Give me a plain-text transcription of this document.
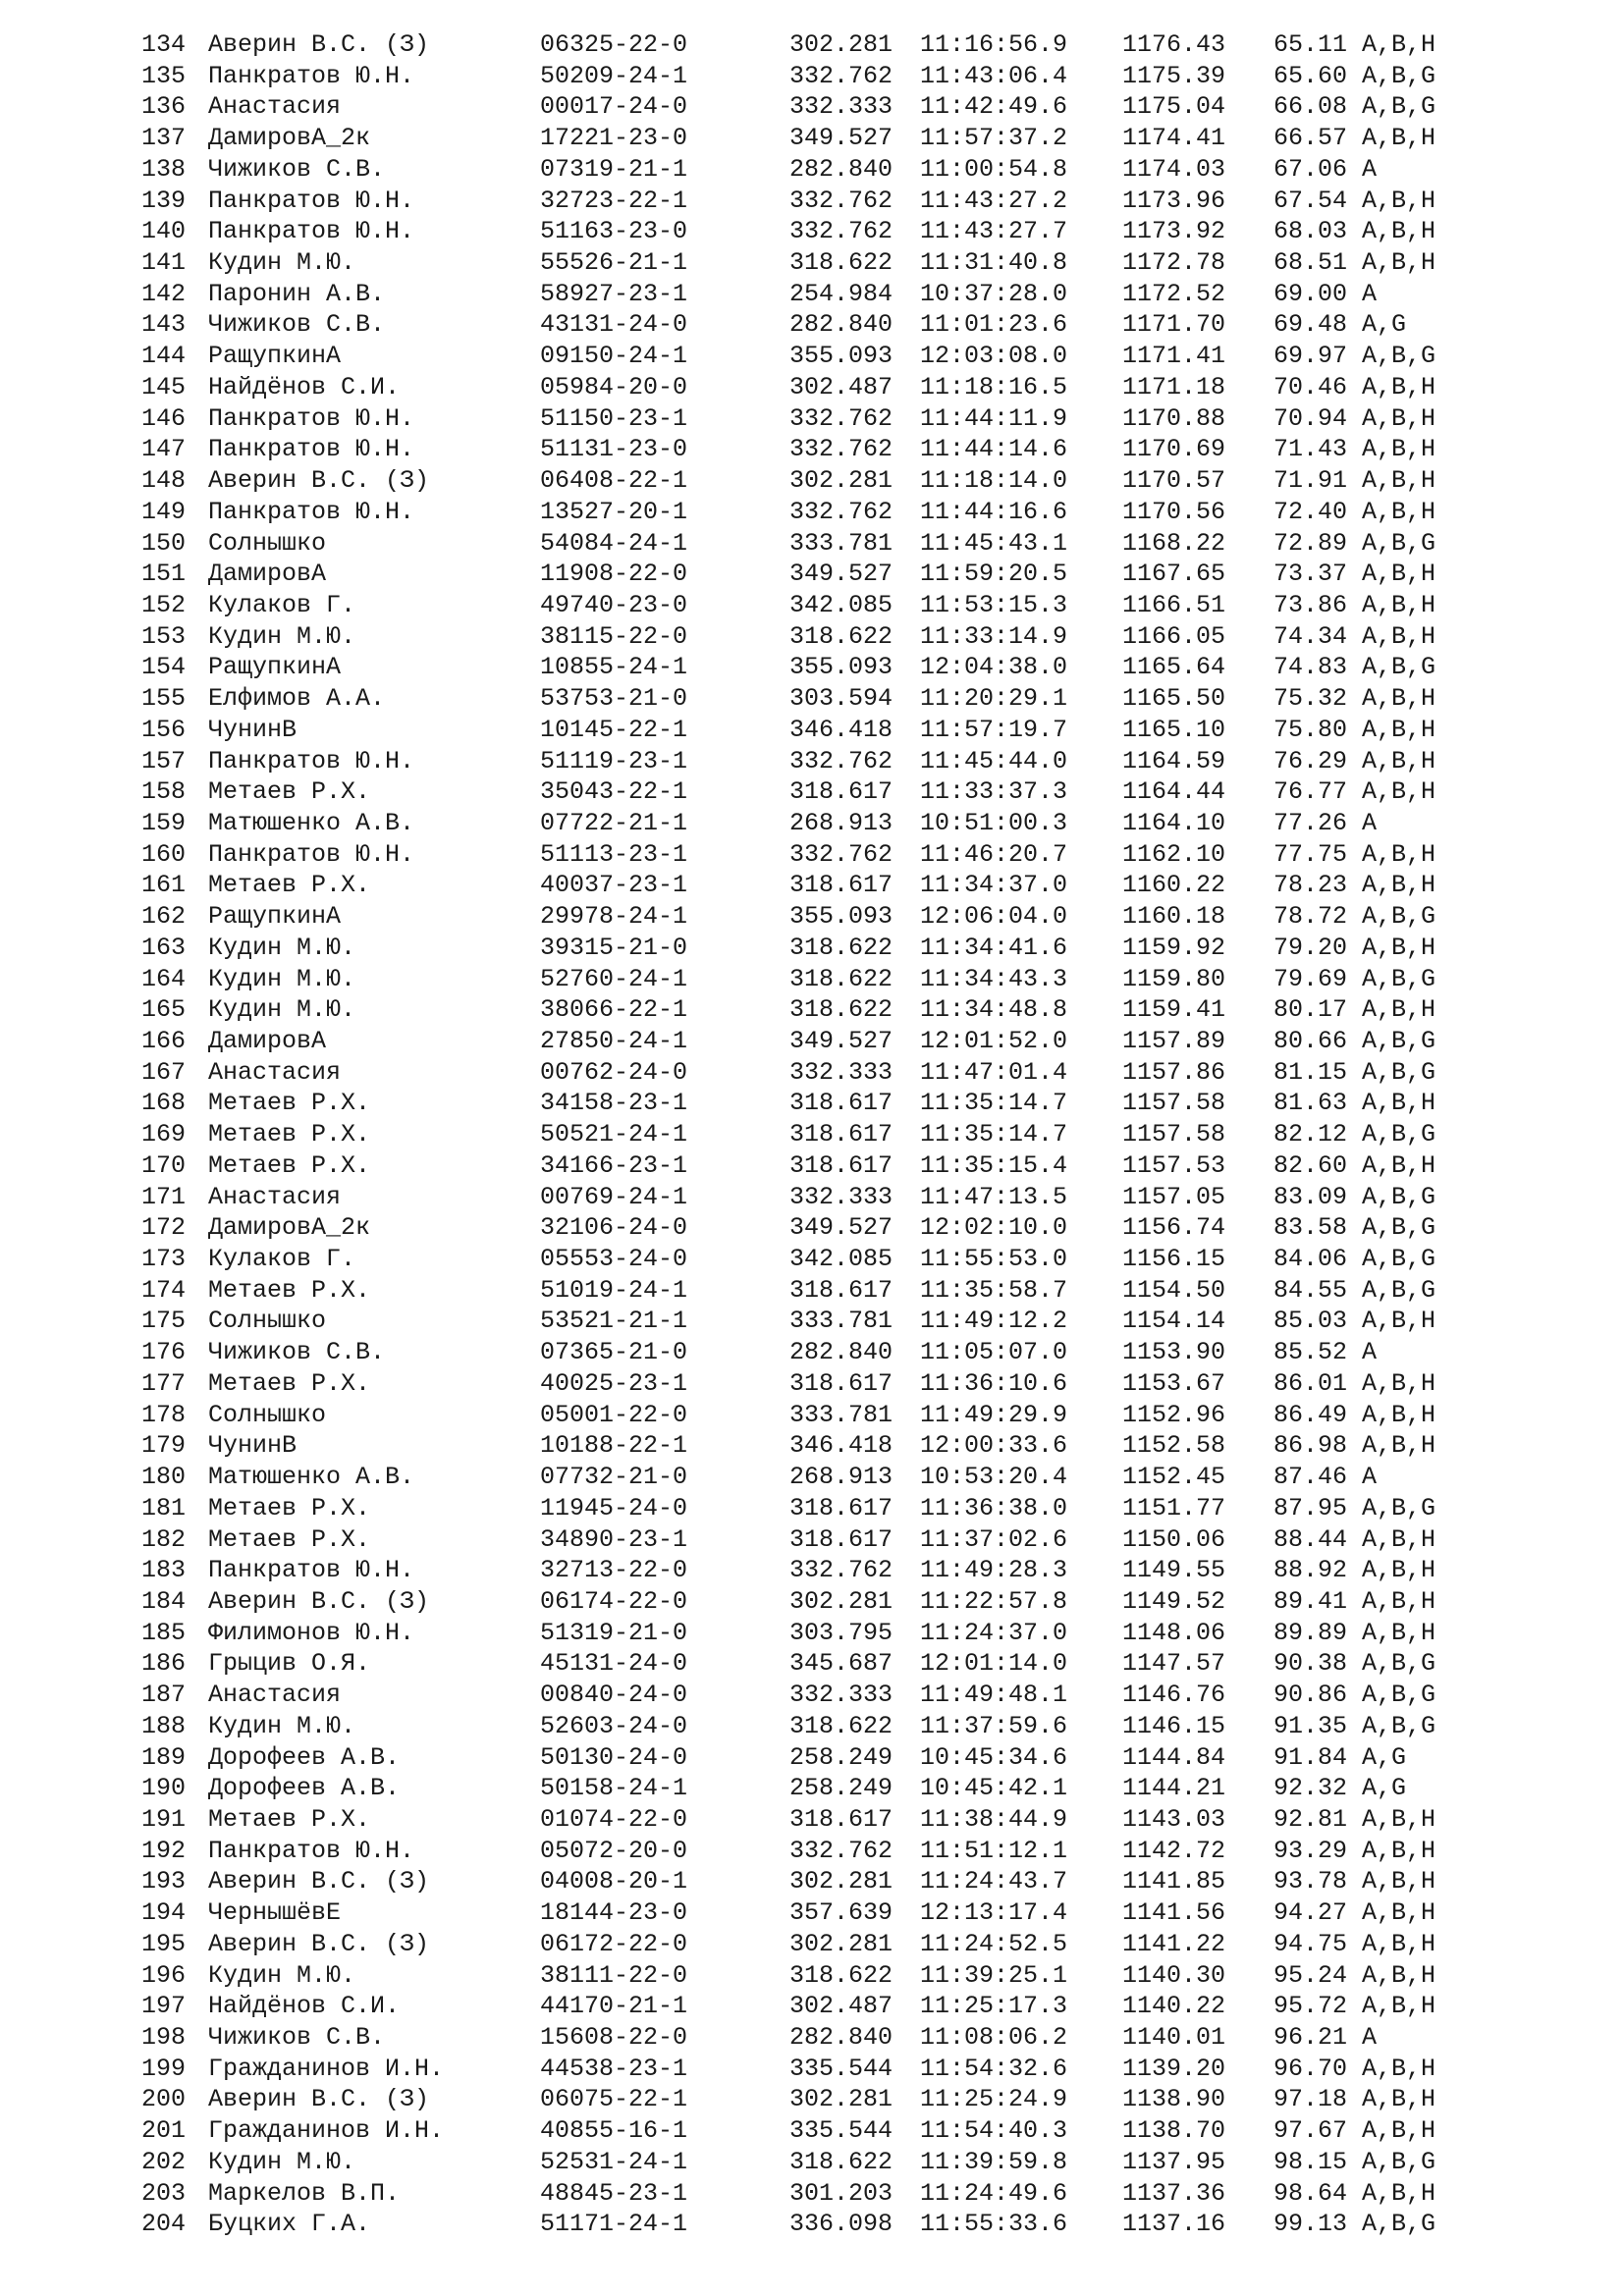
134 Аверин В.С. (З)	06325-22-0	302.281 11:16:56.9 1176.43 65.11 A,B,H
135 Панкратов Ю.Н.	50209-24-1	332.762 11:43:06.4 1175.39 65.60 A,B,G
136 Анастасия	00017-24-0	332.333 11:42:49.6 1175.04 66.08 A,B,G
137 ДамировА_2к	17221-23-0	349.527 11:57:37.2 1174.41 66.57 A,B,H
138 Чижиков С.В.	07319-21-1	282.840 11:00:54.8 1174.03 67.06 A
139 Панкратов Ю.Н.	32723-22-1	332.762 11:43:27.2 1173.96 67.54 A,B,H
140 Панкратов Ю.Н.	51163-23-0	332.762 11:43:27.7 1173.92 68.03 A,B,H
141 Кудин М.Ю.	55526-21-1	318.622 11:31:40.8 1172.78 68.51 A,B,H
142 Паронин А.В.	58927-23-1	254.984 10:37:28.0 1172.52 69.00 A
143 Чижиков С.В.	43131-24-0	282.840 11:01:23.6 1171.70 69.48 A,G
144 РащупкинА	09150-24-1	355.093 12:03:08.0 1171.41 69.97 A,B,G
145 Найдёнов С.И.	05984-20-0	302.487 11:18:16.5 1171.18 70.46 A,B,H
146 Панкратов Ю.Н.	51150-23-1	332.762 11:44:11.9 1170.88 70.94 A,B,H
147 Панкратов Ю.Н.	51131-23-0	332.762 11:44:14.6 1170.69 71.43 A,B,H
148 Аверин В.С. (З)	06408-22-1	302.281 11:18:14.0 1170.57 71.91 A,B,H
149 Панкратов Ю.Н.	13527-20-1	332.762 11:44:16.6 1170.56 72.40 A,B,H
150 Солнышко	54084-24-1	333.781 11:45:43.1 1168.22 72.89 A,B,G
151 ДамировА	11908-22-0	349.527 11:59:20.5 1167.65 73.37 A,B,H
152 Кулаков Г.	49740-23-0	342.085 11:53:15.3 1166.51 73.86 A,B,H
153 Кудин М.Ю.	38115-22-0	318.622 11:33:14.9 1166.05 74.34 A,B,H
154 РащупкинА	10855-24-1	355.093 12:04:38.0 1165.64 74.83 A,B,G
155 Елфимов А.А.	53753-21-0	303.594 11:20:29.1 1165.50 75.32 A,B,H
156 ЧунинВ	10145-22-1	346.418 11:57:19.7 1165.10 75.80 A,B,H
157 Панкратов Ю.Н.	51119-23-1	332.762 11:45:44.0 1164.59 76.29 A,B,H
158 Метаев Р.Х.	35043-22-1	318.617 11:33:37.3 1164.44 76.77 A,B,H
159 Матюшенко А.В.	07722-21-1	268.913 10:51:00.3 1164.10 77.26 A
160 Панкратов Ю.Н.	51113-23-1	332.762 11:46:20.7 1162.10 77.75 A,B,H
161 Метаев Р.Х.	40037-23-1	318.617 11:34:37.0 1160.22 78.23 A,B,H
162 РащупкинА	29978-24-1	355.093 12:06:04.0 1160.18 78.72 A,B,G
163 Кудин М.Ю.	39315-21-0	318.622 11:34:41.6 1159.92 79.20 A,B,H
164 Кудин М.Ю.	52760-24-1	318.622 11:34:43.3 1159.80 79.69 A,B,G
165 Кудин М.Ю.	38066-22-1	318.622 11:34:48.8 1159.41 80.17 A,B,H
166 ДамировА	27850-24-1	349.527 12:01:52.0 1157.89 80.66 A,B,G
167 Анастасия	00762-24-0	332.333 11:47:01.4 1157.86 81.15 A,B,G
168 Метаев Р.Х.	34158-23-1	318.617 11:35:14.7 1157.58 81.63 A,B,H
169 Метаев Р.Х.	50521-24-1	318.617 11:35:14.7 1157.58 82.12 A,B,G
170 Метаев Р.Х.	34166-23-1	318.617 11:35:15.4 1157.53 82.60 A,B,H
171 Анастасия	00769-24-1	332.333 11:47:13.5 1157.05 83.09 A,B,G
172 ДамировА_2к	32106-24-0	349.527 12:02:10.0 1156.74 83.58 A,B,G
173 Кулаков Г.	05553-24-0	342.085 11:55:53.0 1156.15 84.06 A,B,G
174 Метаев Р.Х.	51019-24-1	318.617 11:35:58.7 1154.50 84.55 A,B,G
175 Солнышко	53521-21-1	333.781 11:49:12.2 1154.14 85.03 A,B,H
176 Чижиков С.В.	07365-21-0	282.840 11:05:07.0 1153.90 85.52 A
177 Метаев Р.Х.	40025-23-1	318.617 11:36:10.6 1153.67 86.01 A,B,H
178 Солнышко	05001-22-0	333.781 11:49:29.9 1152.96 86.49 A,B,H
179 ЧунинВ	10188-22-1	346.418 12:00:33.6 1152.58 86.98 A,B,H
180 Матюшенко А.В.	07732-21-0	268.913 10:53:20.4 1152.45 87.46 A
181 Метаев Р.Х.	11945-24-0	318.617 11:36:38.0 1151.77 87.95 A,B,G
182 Метаев Р.Х.	34890-23-1	318.617 11:37:02.6 1150.06 88.44 A,B,H
183 Панкратов Ю.Н.	32713-22-0	332.762 11:49:28.3 1149.55 88.92 A,B,H
184 Аверин В.С. (З)	06174-22-0	302.281 11:22:57.8 1149.52 89.41 A,B,H
185 Филимонов Ю.Н.	51319-21-0	303.795 11:24:37.0 1148.06 89.89 A,B,H
186 Грыцив О.Я.	45131-24-0	345.687 12:01:14.0 1147.57 90.38 A,B,G
187 Анастасия	00840-24-0	332.333 11:49:48.1 1146.76 90.86 A,B,G
188 Кудин М.Ю.	52603-24-0	318.622 11:37:59.6 1146.15 91.35 A,B,G
189 Дорофеев А.В.	50130-24-0	258.249 10:45:34.6 1144.84 91.84 A,G
190 Дорофеев А.В.	50158-24-1	258.249 10:45:42.1 1144.21 92.32 A,G
191 Метаев Р.Х.	01074-22-0	318.617 11:38:44.9 1143.03 92.81 A,B,H
192 Панкратов Ю.Н.	05072-20-0	332.762 11:51:12.1 1142.72 93.29 A,B,H
193 Аверин В.С. (З)	04008-20-1	302.281 11:24:43.7 1141.85 93.78 A,B,H
194 ЧернышёвЕ	18144-23-0	357.639 12:13:17.4 1141.56 94.27 A,B,H
195 Аверин В.С. (З)	06172-22-0	302.281 11:24:52.5 1141.22 94.75 A,B,H
196 Кудин М.Ю.	38111-22-0	318.622 11:39:25.1 1140.30 95.24 A,B,H
197 Найдёнов С.И.	44170-21-1	302.487 11:25:17.3 1140.22 95.72 A,B,H
198 Чижиков С.В.	15608-22-0	282.840 11:08:06.2 1140.01 96.21 A
199 Гражданинов И.Н.	44538-23-1	335.544 11:54:32.6 1139.20 96.70 A,B,H
200 Аверин В.С. (З)	06075-22-1	302.281 11:25:24.9 1138.90 97.18 A,B,H
201 Гражданинов И.Н.	40855-16-1	335.544 11:54:40.3 1138.70 97.67 A,B,H
202 Кудин М.Ю.	52531-24-1	318.622 11:39:59.8 1137.95 98.15 A,B,G
203 Маркелов В.П.	48845-23-1	301.203 11:24:49.6 1137.36 98.64 A,B,H
204 Буцких Г.А.	51171-24-1	336.098 11:55:33.6 1137.16 99.13 A,B,G
